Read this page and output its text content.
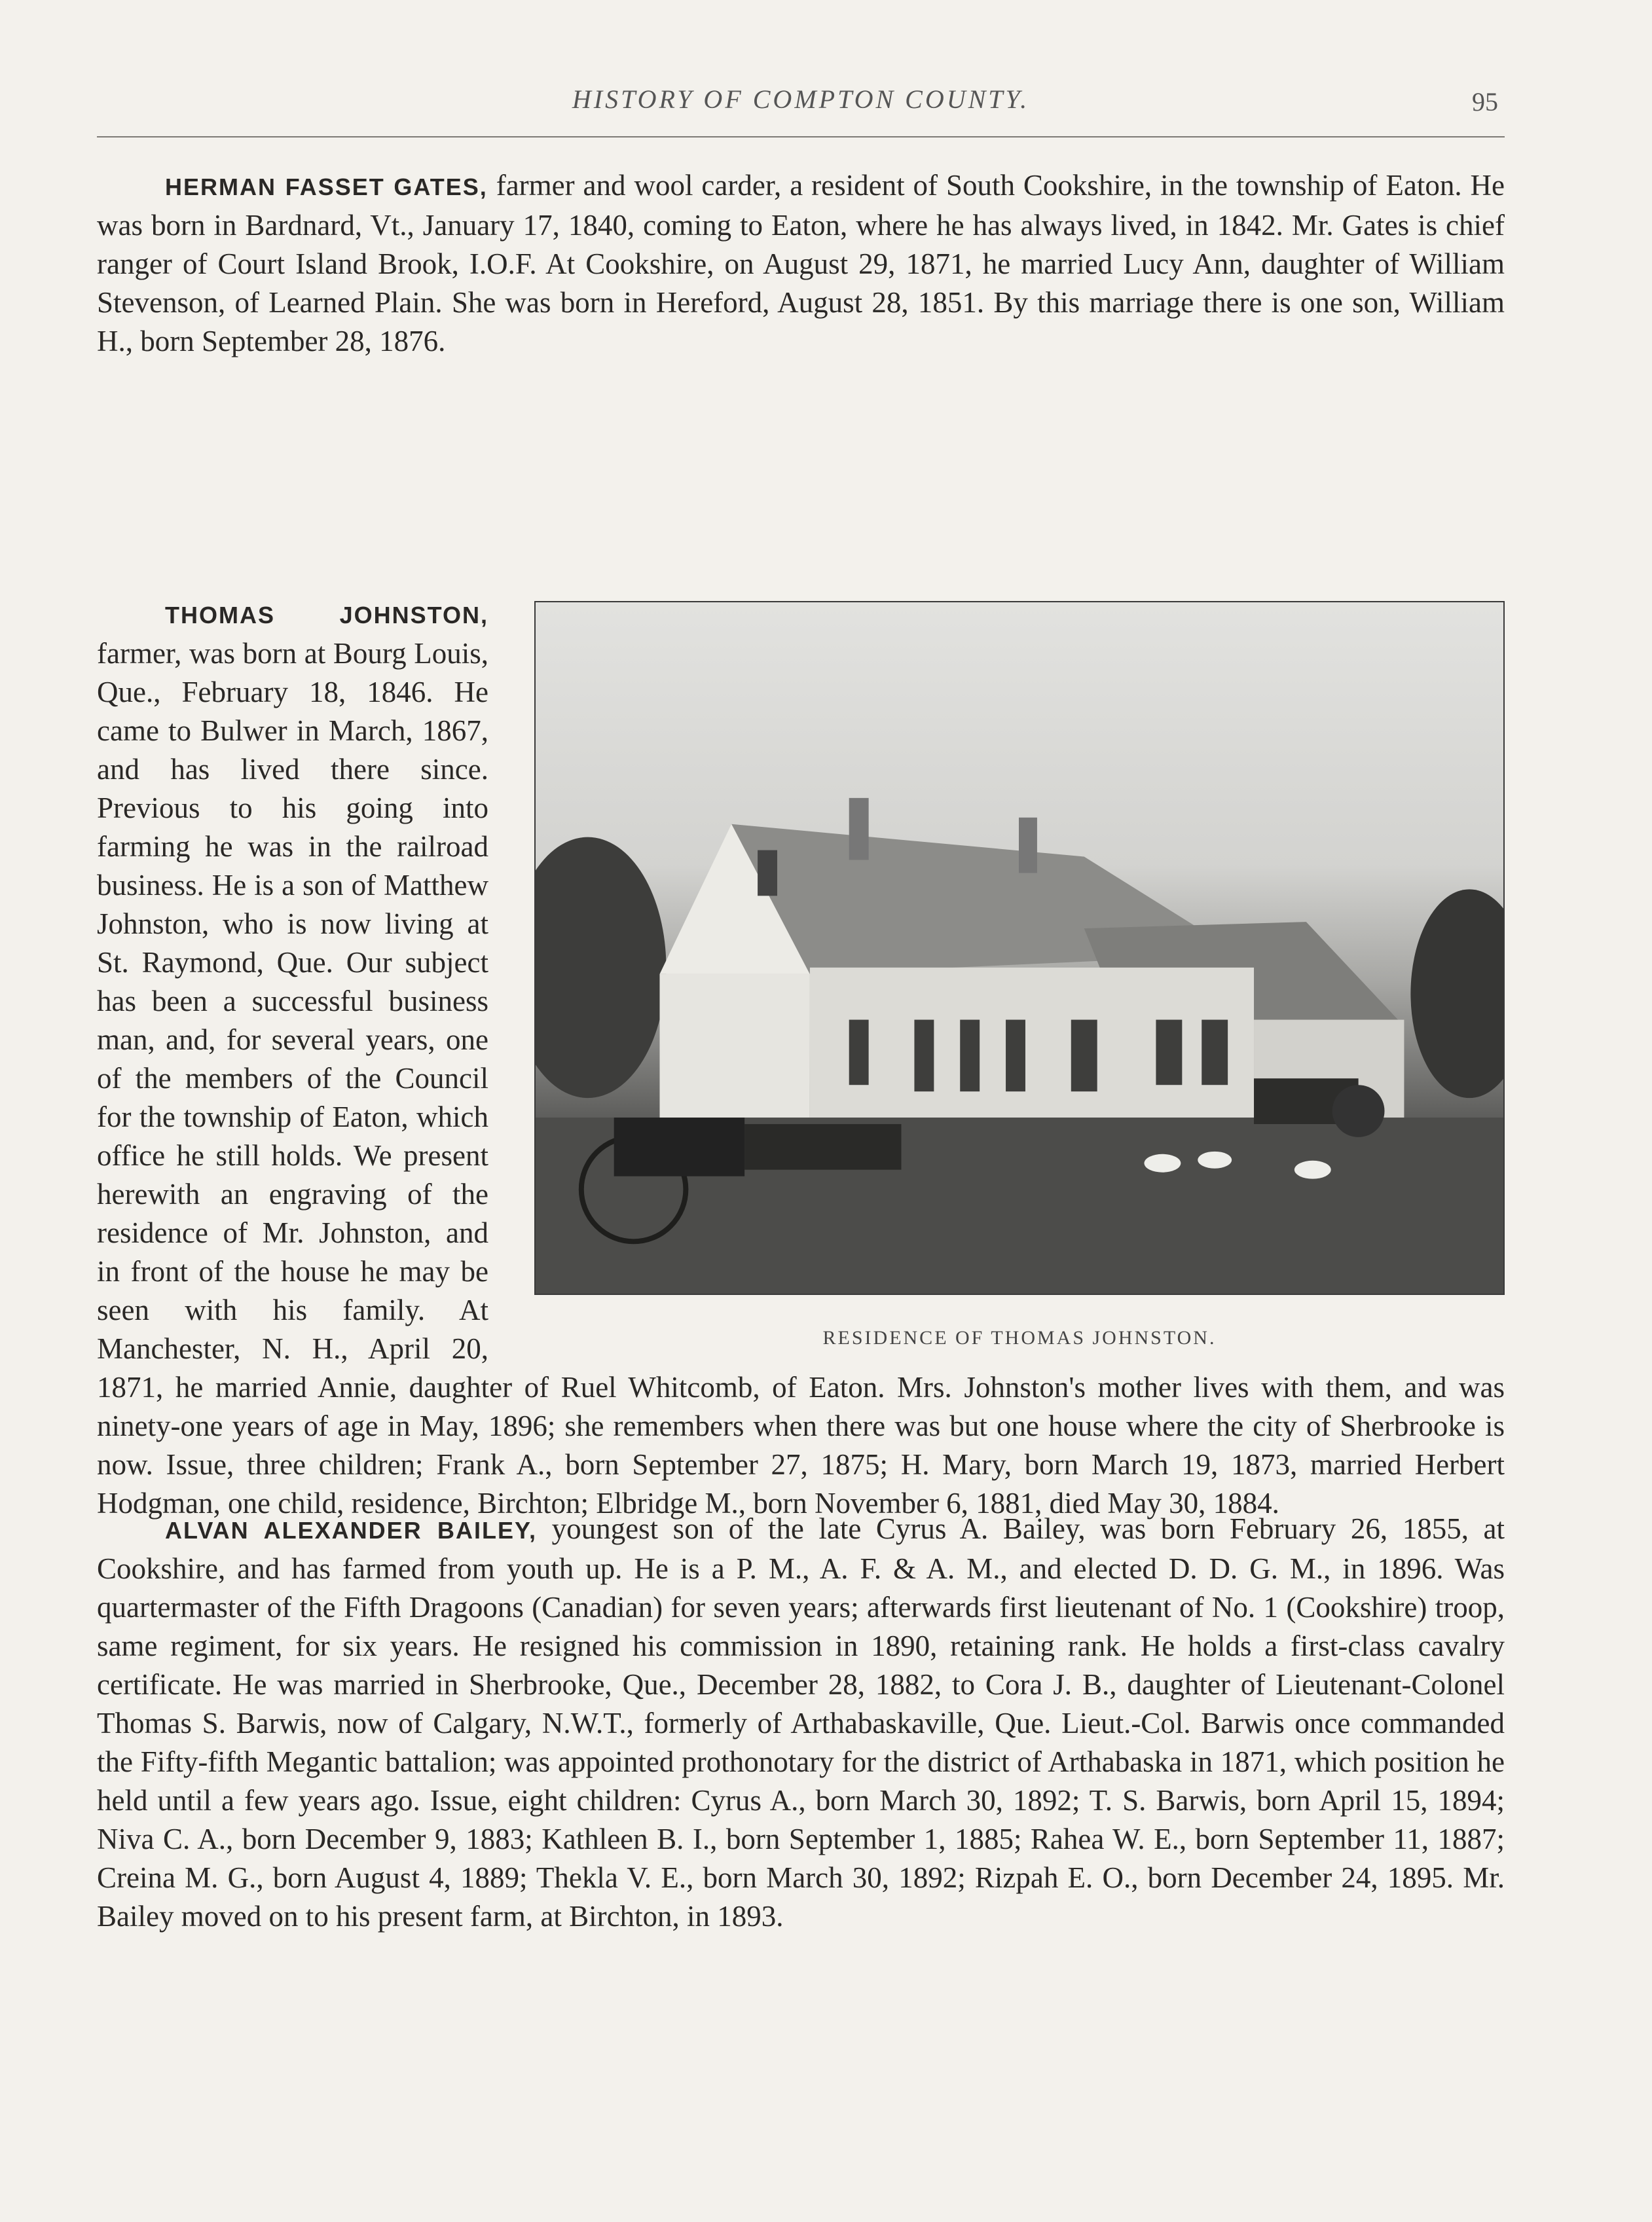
HISTORY OF COMPTON COUNTY.	95

HERMAN FASSET GATES, farmer and wool carder, a resident of South Cookshire, in the township of Eaton. He was born in Bardnard, Vt., January 17, 1840, coming to Eaton, where he has always lived, in 1842. Mr. Gates is chief ranger of Court Island Brook, I.O.F. At Cookshire, on August 29, 1871, he married Lucy Ann, daughter of William Stevenson, of Learned Plain. She was born in Hereford, August 28, 1851. By this marriage there is one son, William H., born September 28, 1876.

RESIDENCE OF THOMAS JOHNSTON.

THOMAS JOHNSTON, farmer, was born at Bourg Louis, Que., February 18, 1846. He came to Bulwer in March, 1867, and has lived there since. Previous to his going into farming he was in the railroad business. He is a son of Matthew Johnston, who is now living at St. Raymond, Que. Our subject has been a successful business man, and, for several years, one of the members of the Council for the township of Eaton, which office he still holds. We present herewith an engraving of the residence of Mr. Johnston, and in front of the house he may be seen with his family. At Manchester, N. H., April 20, 1871, he married Annie, daughter of Ruel Whitcomb, of Eaton. Mrs. Johnston's mother lives with them, and was ninety-one years of age in May, 1896; she remembers when there was but one house where the city of Sherbrooke is now. Issue, three children; Frank A., born September 27, 1875; H. Mary, born March 19, 1873, married Herbert Hodgman, one child, residence, Birchton; Elbridge M., born November 6, 1881, died May 30, 1884.

ALVAN ALEXANDER BAILEY, youngest son of the late Cyrus A. Bailey, was born February 26, 1855, at Cookshire, and has farmed from youth up. He is a P. M., A. F. & A. M., and elected D. D. G. M., in 1896. Was quartermaster of the Fifth Dragoons (Canadian) for seven years; afterwards first lieutenant of No. 1 (Cookshire) troop, same regiment, for six years. He resigned his commission in 1890, retaining rank. He holds a first-class cavalry certificate. He was married in Sherbrooke, Que., December 28, 1882, to Cora J. B., daughter of Lieutenant-Colonel Thomas S. Barwis, now of Calgary, N.W.T., formerly of Arthabaskaville, Que. Lieut.-Col. Barwis once commanded the Fifty-fifth Megantic battalion; was appointed prothonotary for the district of Arthabaska in 1871, which position he held until a few years ago. Issue, eight children: Cyrus A., born March 30, 1892; T. S. Barwis, born April 15, 1894; Niva C. A., born December 9, 1883; Kathleen B. I., born September 1, 1885; Rahea W. E., born September 11, 1887; Creina M. G., born August 4, 1889; Thekla V. E., born March 30, 1892; Rizpah E. O., born December 24, 1895. Mr. Bailey moved on to his present farm, at Birchton, in 1893.
